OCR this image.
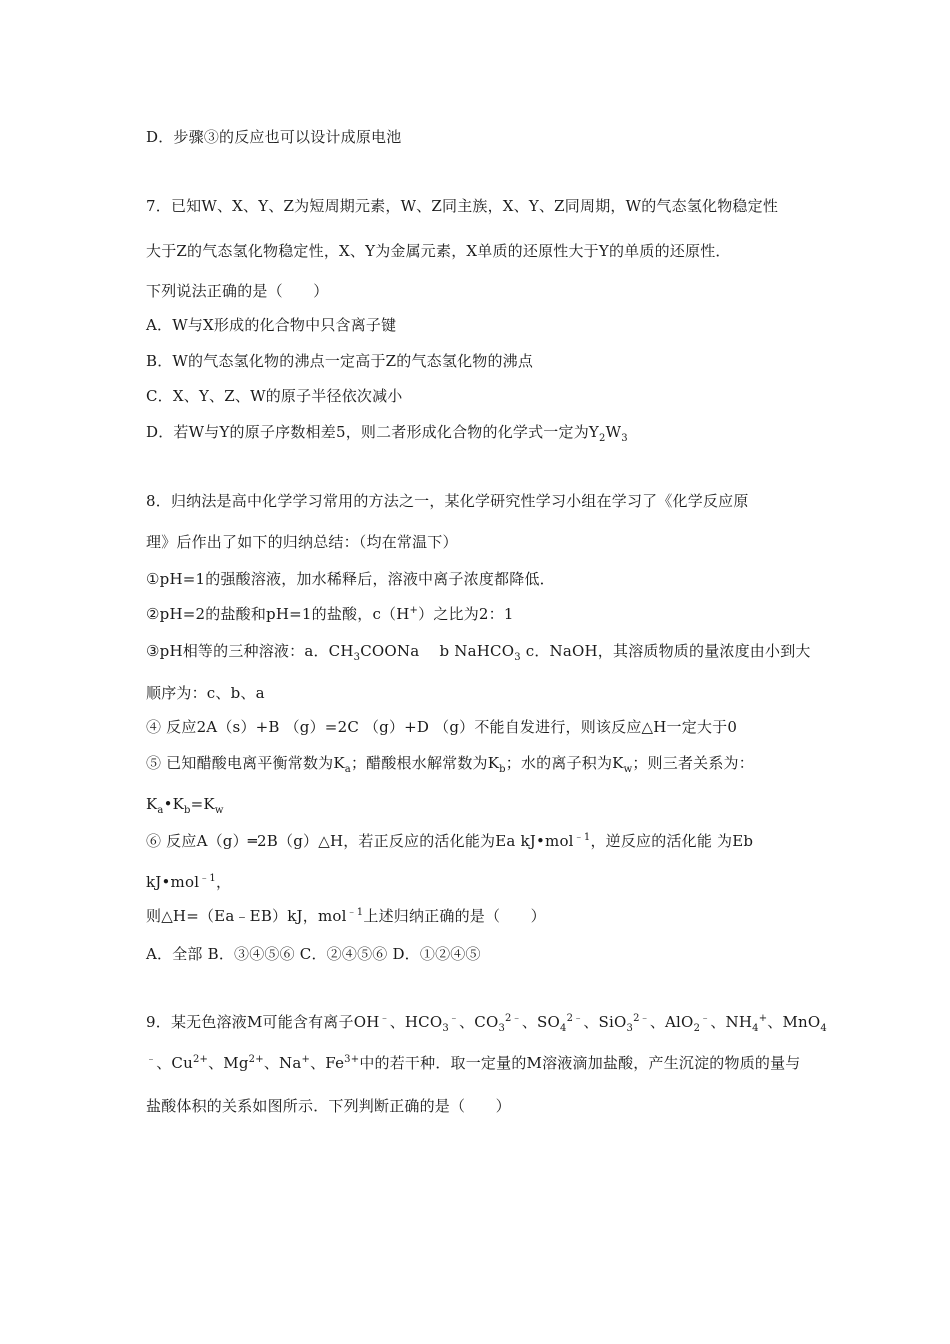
D．步骤③的反应也可以设计成原电池
7．已知W、X、Y、Z为短周期元素，W、Z同主族，X、Y、Z同周期，W的气态氢化物稳定性
大于Z的气态氢化物稳定性，X、Y为金属元素，X单质的还原性大于Y的单质的还原性．
下列说法正确的是（　　）
A．W与X形成的化合物中只含离子键
B．W的气态氢化物的沸点一定高于Z的气态氢化物的沸点
C．X、Y、Z、W的原子半径依次减小
D．若W与Y的原子序数相差5，则二者形成化合物的化学式一定为$Y_2W_3$
8．归纳法是高中化学学习常用的方法之一，某化学研究性学习小组在学习了《化学反应原
理》后作出了如下的归纳总结：（均在常温下）
①pH=1的强酸溶液，加水稀释后，溶液中离子浓度都降低．
②pH=2的盐酸和pH=1的盐酸，c（H+）之比为2：1
③pH相等的三种溶液：a．$CH_3COONa$　 b NaHCO$_3$ c．NaOH，其溶质物质的量浓度由小到大
顺序为：c、b、a
④ 反应2A（s）+B （g）=2C （g）+D （g）不能自发进行，则该反应△H一定大于0
⑤ 已知醋酸电离平衡常数为$K_a$；醋酸根水解常数为$K_b$；水的离子积为$K_w$；则三者关系为：
$K_a•K_b=K_w$
⑥ 反应A（g）═2B（g）△H，若正反应的活化能为Ea kJ•mol$^{﹣1}$，逆反应的活化能 为Eb
kJ•mol$^{﹣1}$，
则△H=（Ea﹣EB）kJ，mol$^{﹣1}$上述归纳正确的是（　　）
A．全部 B．③④⑤⑥ C．②④⑤⑥ D．①②④⑤
9．某无色溶液M可能含有离子OH﹣、$HCO_3^﹣$、$CO_3^{2﹣}$、$SO_4^{2﹣}$、SiO$_3^{2﹣}$、AlO$_2$﹣、$NH_4^+$、MnO$_4$
﹣、$Cu^{2+}$、$Mg^{2+}$、Na+、$Fe^{3+}$中的若干种．取一定量的M溶液滴加盐酸，产生沉淀的物质的量与
盐酸体积的关系如图所示．下列判断正确的是（　　）
